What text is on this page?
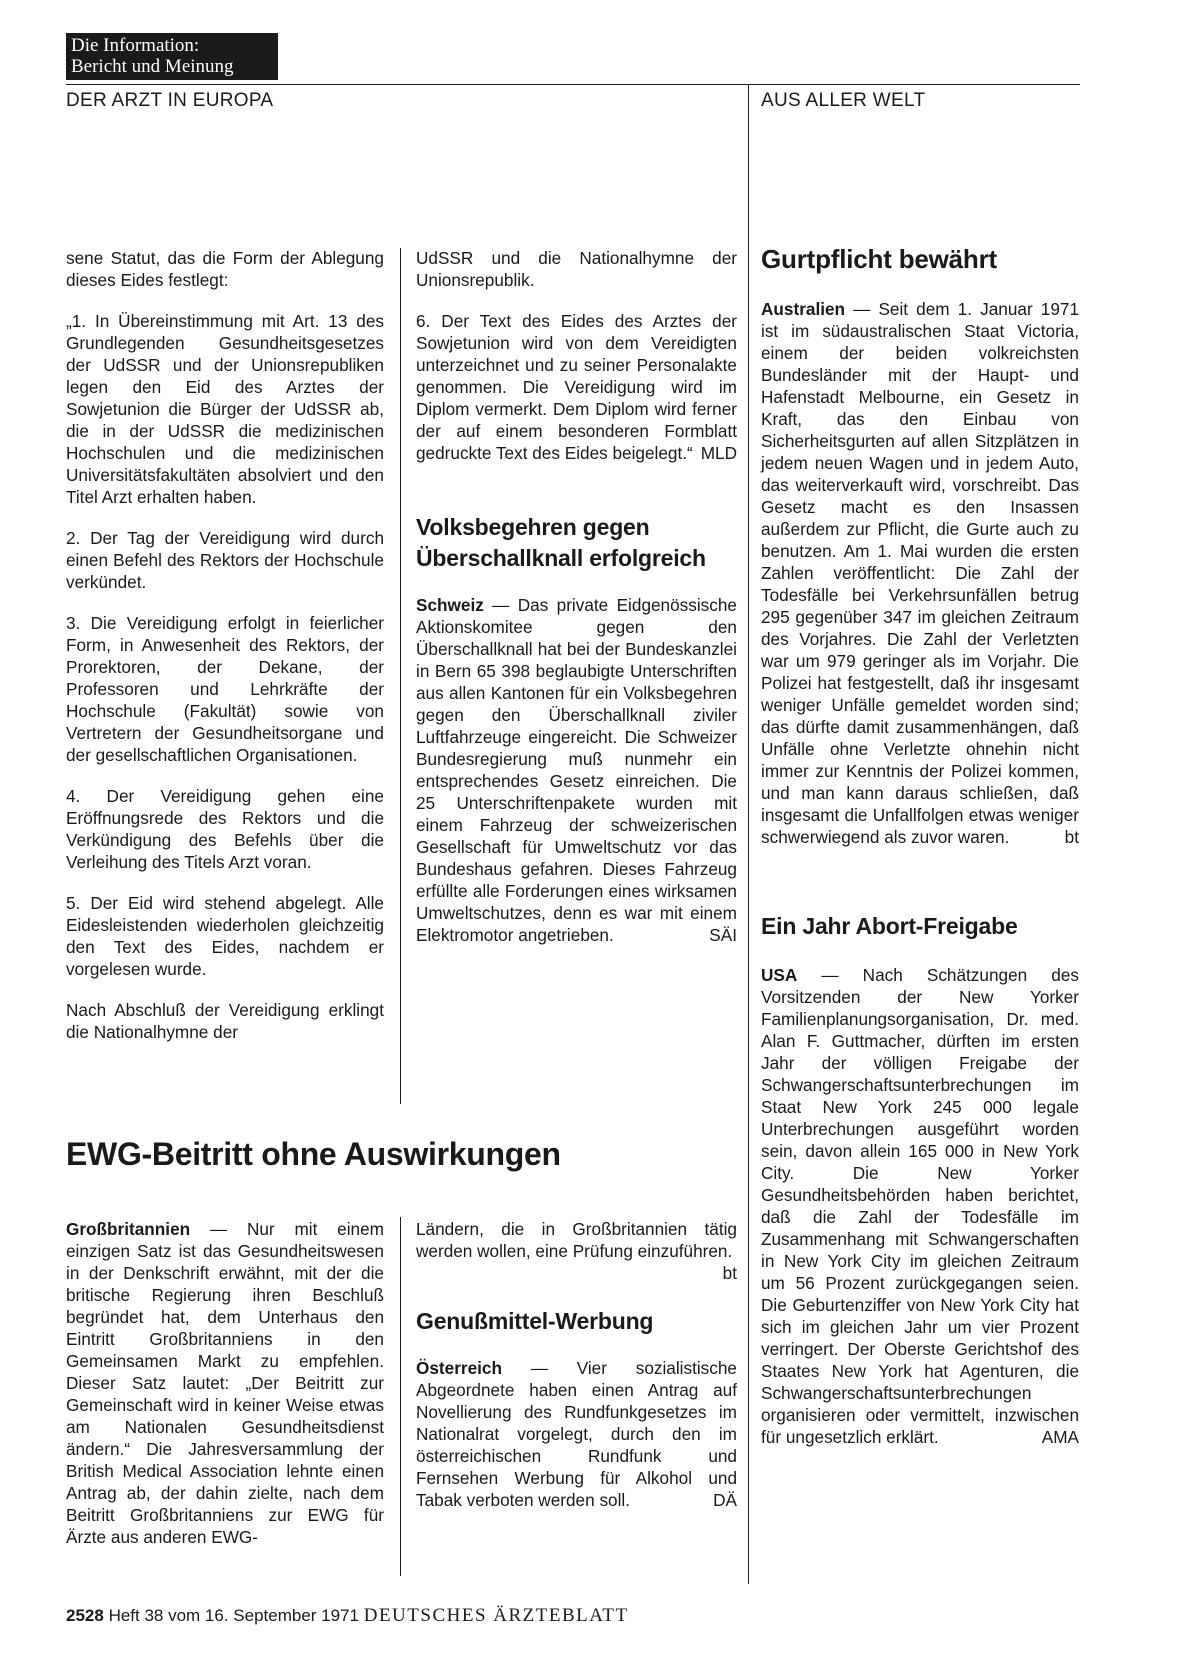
Die Information:
Bericht und Meinung
DER ARZT IN EUROPA	AUS ALLER WELT

sene Statut, das die Form der Ablegung dieses Eides festlegt:

„1. In Übereinstimmung mit Art. 13 des Grundlegenden Gesundheitsgesetzes der UdSSR und der Unionsrepubliken legen den Eid des Arztes der Sowjetunion die Bürger der UdSSR ab, die in der UdSSR die medizinischen Hochschulen und die medizinischen Universitätsfakultäten absolviert und den Titel Arzt erhalten haben.

2. Der Tag der Vereidigung wird durch einen Befehl des Rektors der Hochschule verkündet.

3. Die Vereidigung erfolgt in feierlicher Form, in Anwesenheit des Rektors, der Prorektoren, der Dekane, der Professoren und Lehrkräfte der Hochschule (Fakultät) sowie von Vertretern der Gesundheitsorgane und der gesellschaftlichen Organisationen.

4. Der Vereidigung gehen eine Eröffnungsrede des Rektors und die Verkündigung des Befehls über die Verleihung des Titels Arzt voran.

5. Der Eid wird stehend abgelegt. Alle Eidesleistenden wiederholen gleichzeitig den Text des Eides, nachdem er vorgelesen wurde.

Nach Abschluß der Vereidigung erklingt die Nationalhymne der

UdSSR und die Nationalhymne der Unionsrepublik.

6. Der Text des Eides des Arztes der Sowjetunion wird von dem Vereidigten unterzeichnet und zu seiner Personalakte genommen. Die Vereidigung wird im Diplom vermerkt. Dem Diplom wird ferner der auf einem besonderen Formblatt gedruckte Text des Eides beigelegt.“ MLD

Volksbegehren gegen Überschallknall erfolgreich

Schweiz — Das private Eidgenössische Aktionskomitee gegen den Überschallknall hat bei der Bundeskanzlei in Bern 65 398 beglaubigte Unterschriften aus allen Kantonen für ein Volksbegehren gegen den Überschallknall ziviler Luftfahrzeuge eingereicht. Die Schweizer Bundesregierung muß nunmehr ein entsprechendes Gesetz einreichen. Die 25 Unterschriftenpakete wurden mit einem Fahrzeug der schweizerischen Gesellschaft für Umweltschutz vor das Bundeshaus gefahren. Dieses Fahrzeug erfüllte alle Forderungen eines wirksamen Umweltschutzes, denn es war mit einem Elektromotor angetrieben.	SÄI

EWG-Beitritt ohne Auswirkungen

Großbritannien — Nur mit einem einzigen Satz ist das Gesundheitswesen in der Denkschrift erwähnt, mit der die britische Regierung ihren Beschluß begründet hat, dem Unterhaus den Eintritt Großbritanniens in den Gemeinsamen Markt zu empfehlen. Dieser Satz lautet: „Der Beitritt zur Gemeinschaft wird in keiner Weise etwas am Nationalen Gesundheitsdienst ändern.“ Die Jahresversammlung der British Medical Association lehnte einen Antrag ab, der dahin zielte, nach dem Beitritt Großbritanniens zur EWG für Ärzte aus anderen EWG-

Ländern, die in Großbritannien tätig werden wollen, eine Prüfung einzuführen.
bt

Genußmittel-Werbung

Österreich — Vier sozialistische Abgeordnete haben einen Antrag auf Novellierung des Rundfunkgesetzes im Nationalrat vorgelegt, durch den im österreichischen Rundfunk und Fernsehen Werbung für Alkohol und Tabak verboten werden soll.	DÄ

Gurtpflicht bewährt

Australien — Seit dem 1. Januar 1971 ist im südaustralischen Staat Victoria, einem der beiden volkreichsten Bundesländer mit der Haupt- und Hafenstadt Melbourne, ein Gesetz in Kraft, das den Einbau von Sicherheitsgurten auf allen Sitzplätzen in jedem neuen Wagen und in jedem Auto, das weiterverkauft wird, vorschreibt. Das Gesetz macht es den Insassen außerdem zur Pflicht, die Gurte auch zu benutzen. Am 1. Mai wurden die ersten Zahlen veröffentlicht: Die Zahl der Todesfälle bei Verkehrsunfällen betrug 295 gegenüber 347 im gleichen Zeitraum des Vorjahres. Die Zahl der Verletzten war um 979 geringer als im Vorjahr. Die Polizei hat festgestellt, daß ihr insgesamt weniger Unfälle gemeldet worden sind; das dürfte damit zusammenhängen, daß Unfälle ohne Verletzte ohnehin nicht immer zur Kenntnis der Polizei kommen, und man kann daraus schließen, daß insgesamt die Unfallfolgen etwas weniger schwerwiegend als zuvor waren.	bt

Ein Jahr Abort-Freigabe

USA — Nach Schätzungen des Vorsitzenden der New Yorker Familienplanungsorganisation, Dr. med. Alan F. Guttmacher, dürften im ersten Jahr der völligen Freigabe der Schwangerschaftsunterbrechungen im Staat New York 245 000 legale Unterbrechungen ausgeführt worden sein, davon allein 165 000 in New York City. Die New Yorker Gesundheitsbehörden haben berichtet, daß die Zahl der Todesfälle im Zusammenhang mit Schwangerschaften in New York City im gleichen Zeitraum um 56 Prozent zurückgegangen seien. Die Geburtenziffer von New York City hat sich im gleichen Jahr um vier Prozent verringert. Der Oberste Gerichtshof des Staates New York hat Agenturen, die Schwangerschaftsunterbrechungen organisieren oder vermittelt, inzwischen für ungesetzlich erklärt.	AMA

2528 Heft 38 vom 16. September 1971 DEUTSCHES ÄRZTEBLATT
